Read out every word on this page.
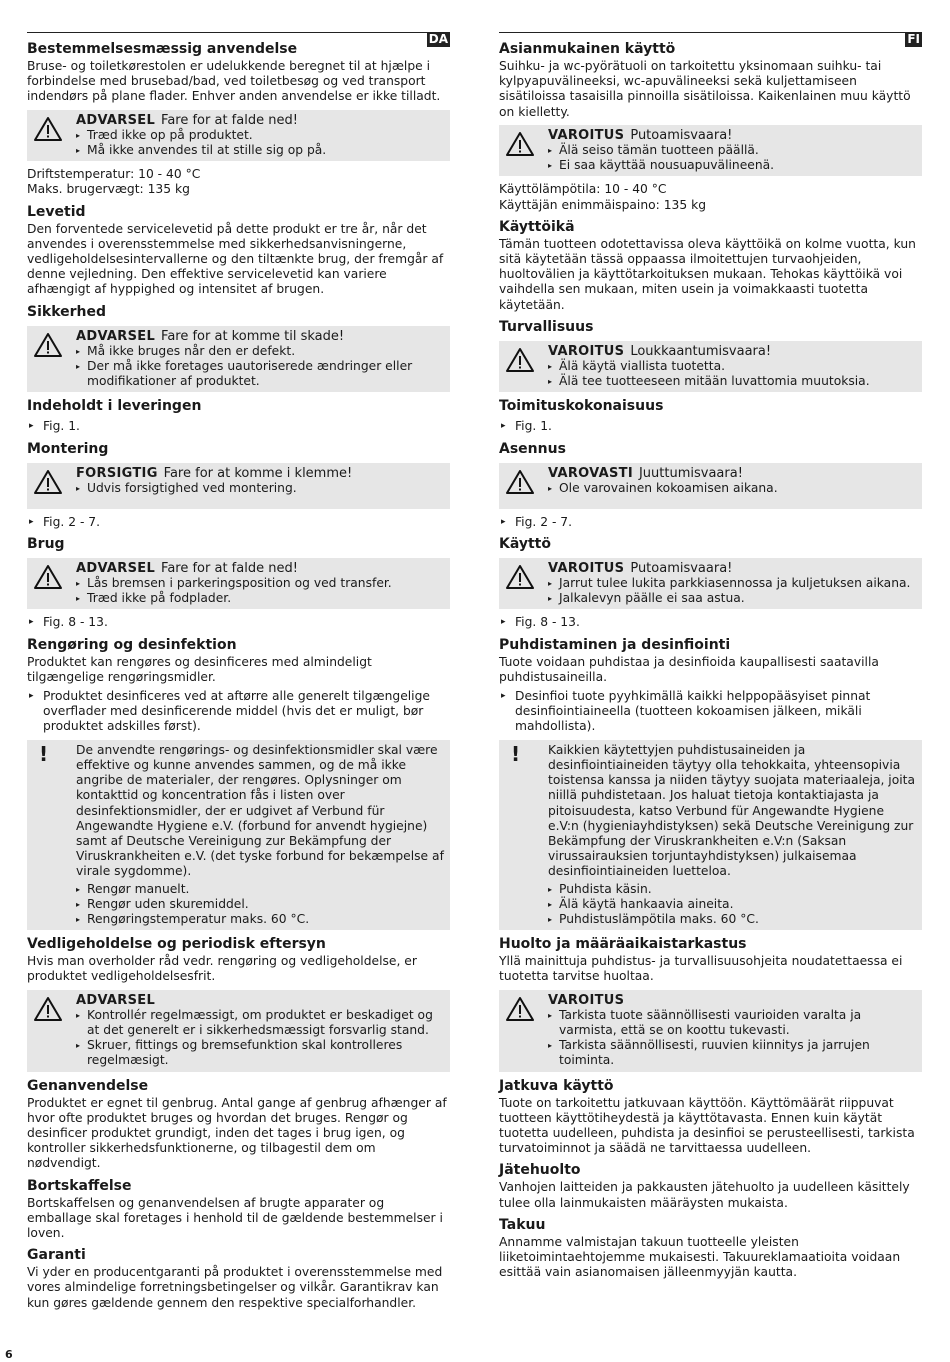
DA
Bestemmelsesmæssig anvendelse

Bruse- og toiletkørestolen er udelukkende beregnet til at hjælpe i forbindelse med brusebad/bad, ved toiletbesøg og ved transport indendørs på plane flader. Enhver anden anvendelse er ikke tilladt.

ADVARSEL Fare for at falde ned!
▸ Træd ikke op på produktet.
▸ Må ikke anvendes til at stille sig op på.

Driftstemperatur: 10 - 40 °C

Maks. brugervægt: 135 kg

Levetid

Den forventede servicelevetid på dette produkt er tre år, når det anvendes i overensstemmelse med sikkerhedsanvisningerne, vedligeholdelsesintervallerne og den tiltænkte brug, der fremgår af denne vejledning. Den effektive servicelevetid kan variere afhængigt af hyppighed og intensitet af brugen.

Sikkerhed
ADVARSEL Fare for at komme til skade!
▸ Må ikke bruges når den er defekt.
▸ Der må ikke foretages uautoriserede ændringer eller modifikationer af produktet.
Indeholdt i leveringen
▸ Fig. 1.
Montering
FORSIGTIG Fare for at komme i klemme!
▸ Udvis forsigtighed ved montering.
▸ Fig. 2 - 7.
Brug
ADVARSEL Fare for at falde ned!
▸ Lås bremsen i parkeringsposition og ved transfer.
▸ Træd ikke på fodplader.
▸ Fig. 8 - 13.
Rengøring og desinfektion

Produktet kan rengøres og desinficeres med almindeligt tilgængelige rengøringsmidler.

▸ Produktet desinficeres ved at aftørre alle generelt tilgængelige overflader med desinficerende middel (hvis det er muligt, bør produktet adskilles først).
! De anvendte rengørings- og desinfektionsmidler skal være effektive og kunne anvendes sammen, og de må ikke angribe de materialer, der rengøres. Oplysninger om kontakttid og koncentration fås i listen over desinfektionsmidler, der er udgivet af Verbund für Angewandte Hygiene e.V. (forbund for anvendt hygiejne) samt af Deutsche Vereinigung zur Bekämpfung der Viruskrankheiten e.V. (det tyske forbund for bekæmpelse af virale sygdomme).
▸ Rengør manuelt.
▸ Rengør uden skuremiddel.
▸ Rengøringstemperatur maks. 60 °C.
Vedligeholdelse og periodisk eftersyn

Hvis man overholder råd vedr. rengøring og vedligeholdelse, er produktet vedligeholdelsesfrit.

ADVARSEL
▸ Kontrollér regelmæssigt, om produktet er beskadiget og at det generelt er i sikkerhedsmæssigt forsvarlig stand.
▸ Skruer, fittings og bremsefunktion skal kontrolleres regelmæsigt.
Genanvendelse

Produktet er egnet til genbrug. Antal gange af genbrug afhænger af hvor ofte produktet bruges og hvordan det bruges. Rengør og desinficer produktet grundigt, inden det tages i brug igen, og kontroller sikkerhedsfunktionerne, og tilbagestil dem om nødvendigt.

Bortskaffelse

Bortskaffelsen og genanvendelsen af brugte apparater og emballage skal foretages i henhold til de gældende bestemmelser i loven.

Garanti

Vi yder en producentgaranti på produktet i overensstemmelse med vores almindelige forretningsbetingelser og vilkår. Garantikrav kan kun gøres gældende gennem den respektive specialforhandler.

FI
Asianmukainen käyttö

Suihku- ja wc-pyörätuoli on tarkoitettu yksinomaan suihku- tai kylpyapuvälineeksi, wc-apuvälineeksi sekä kuljettamiseen sisätiloissa tasaisilla pinnoilla sisätiloissa. Kaikenlainen muu käyttö on kielletty.

VAROITUS Putoamisvaara!
▸ Älä seiso tämän tuotteen päällä.
▸ Ei saa käyttää nousuapuvälineenä.

Käyttölämpötila: 10 - 40 °C

Käyttäjän enimmäispaino: 135 kg

Käyttöikä

Tämän tuotteen odotettavissa oleva käyttöikä on kolme vuotta, kun sitä käytetään tässä oppaassa ilmoitettujen turvaohjeiden, huoltovälien ja käyttötarkoituksen mukaan. Tehokas käyttöikä voi vaihdella sen mukaan, miten usein ja voimakkaasti tuotetta käytetään.

Turvallisuus
VAROITUS Loukkaantumisvaara!
▸ Älä käytä viallista tuotetta.
▸ Älä tee tuotteeseen mitään luvattomia muutoksia.
Toimituskokonaisuus
▸ Fig. 1.
Asennus
VAROVASTI Juuttumisvaara!
▸ Ole varovainen kokoamisen aikana.
▸ Fig. 2 - 7.
Käyttö
VAROITUS Putoamisvaara!
▸ Jarrut tulee lukita parkkiasennossa ja kuljetuksen aikana.
▸ Jalkalevyn päälle ei saa astua.
▸ Fig. 8 - 13.
Puhdistaminen ja desinfiointi

Tuote voidaan puhdistaa ja desinfioida kaupallisesti saatavilla puhdistusaineilla.

▸ Desinfioi tuote pyyhkimällä kaikki helppopääsyiset pinnat desinfiointiaineella (tuotteen kokoamisen jälkeen, mikäli mahdollista).
! Kaikkien käytettyjen puhdistusaineiden ja desinfiointiaineiden täytyy olla tehokkaita, yhteensopivia toistensa kanssa ja niiden täytyy suojata materiaaleja, joita niillä puhdistetaan. Jos haluat tietoja kontaktiajasta ja pitoisuudesta, katso Verbund für Angewandte Hygiene e.V:n (hygieniayhdistyksen) sekä Deutsche Vereinigung zur Bekämpfung der Viruskrankheiten e.V:n (Saksan virussairauksien torjuntayhdistyksen) julkaisemaa desinfiointiaineiden luetteloa.
▸ Puhdista käsin.
▸ Älä käytä hankaavia aineita.
▸ Puhdistuslämpötila maks. 60 °C.
Huolto ja määräaikaistarkastus

Yllä mainittuja puhdistus- ja turvallisuusohjeita noudatettaessa ei tuotetta tarvitse huoltaa.

VAROITUS
▸ Tarkista tuote säännöllisesti vaurioiden varalta ja varmista, että se on koottu tukevasti.
▸ Tarkista säännöllisesti, ruuvien kiinnitys ja jarrujen toiminta.
Jatkuva käyttö

Tuote on tarkoitettu jatkuvaan käyttöön. Käyttömäärät riippuvat tuotteen käyttötiheydestä ja käyttötavasta. Ennen kuin käytät tuotetta uudelleen, puhdista ja desinfioi se perusteellisesti, tarkista turvatoiminnot ja säädä ne tarvittaessa uudelleen.

Jätehuolto

Vanhojen laitteiden ja pakkausten jätehuolto ja uudelleen käsittely tulee olla lainmukaisten määräysten mukaista.

Takuu

Annamme valmistajan takuun tuotteelle yleisten liiketoimintaehtojemme mukaisesti. Takuureklamaatioita voidaan esittää vain asianomaisen jälleenmyyjän kautta.

6
